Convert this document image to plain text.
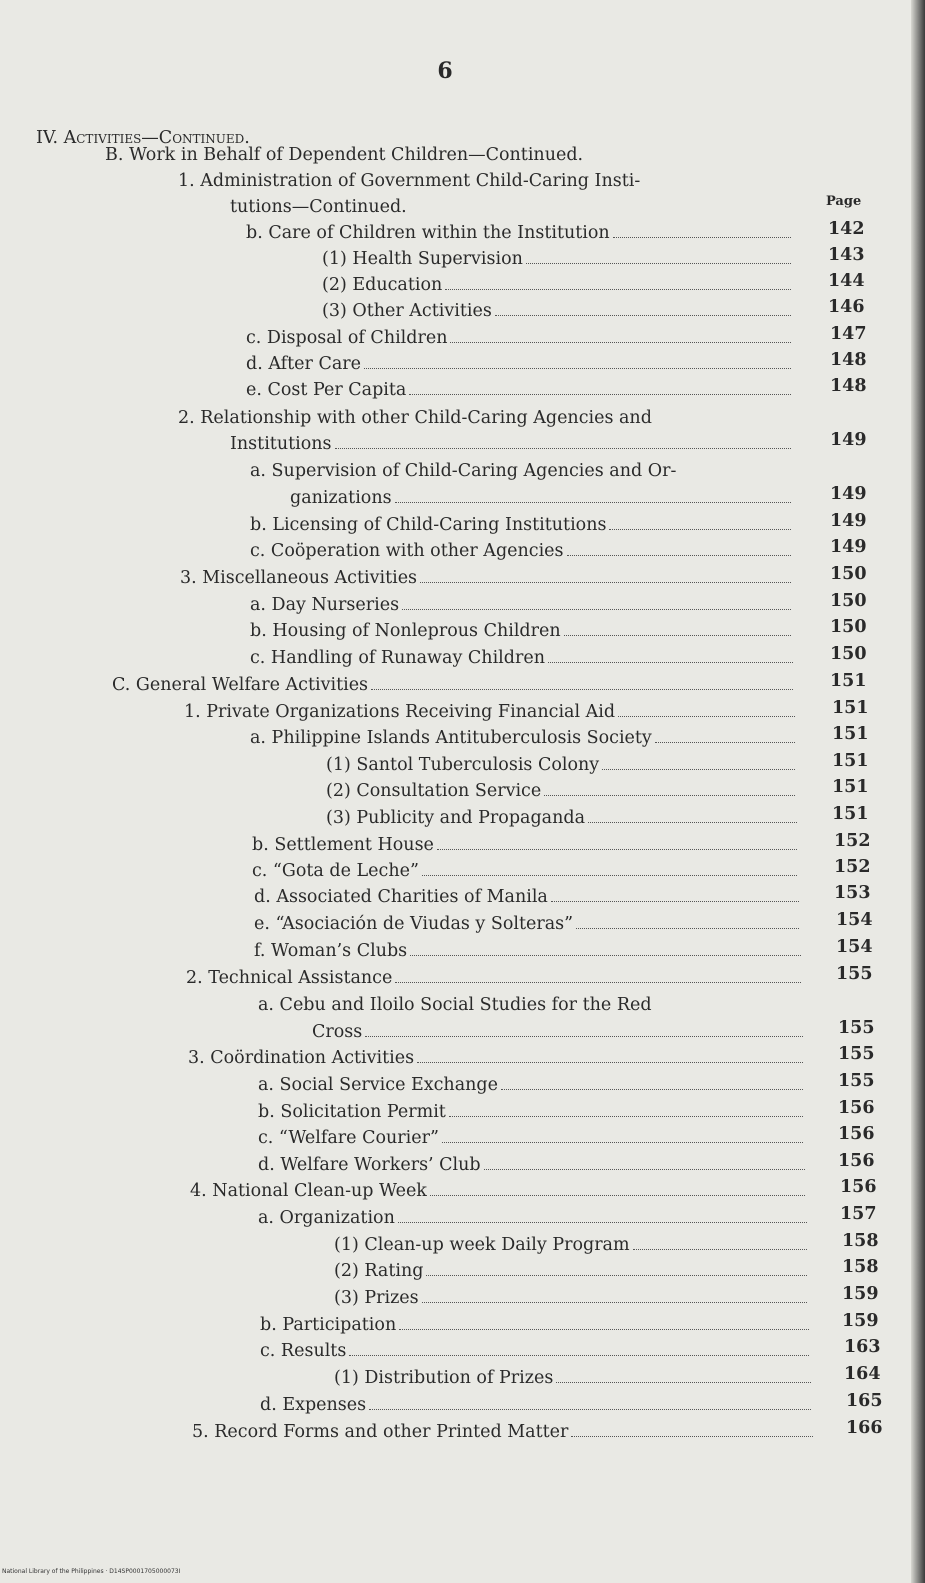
6
Page
IV. Activities—Continued.
B. Work in Behalf of Dependent Children—Continued.
1. Administration of Government Child-Caring Insti-
tutions—Continued.
b. Care of Children within the Institution	142
(1) Health Supervision	143
(2) Education	144
(3) Other Activities	146
c. Disposal of Children	147
d. After Care	148
e. Cost Per Capita	148
2. Relationship with other Child-Caring Agencies and
Institutions	149
a. Supervision of Child-Caring Agencies and Or-
ganizations	149
b. Licensing of Child-Caring Institutions	149
c. Coöperation with other Agencies	149
3. Miscellaneous Activities	150
a. Day Nurseries	150
b. Housing of Nonleprous Children	150
c. Handling of Runaway Children	150
C. General Welfare Activities	151
1. Private Organizations Receiving Financial Aid	151
a. Philippine Islands Antituberculosis Society	151
(1) Santol Tuberculosis Colony	151
(2) Consultation Service	151
(3) Publicity and Propaganda	151
b. Settlement House	152
c. “Gota de Leche”	152
d. Associated Charities of Manila	153
e. “Asociación de Viudas y Solteras”	154
f. Woman’s Clubs	154
2. Technical Assistance	155
a. Cebu and Iloilo Social Studies for the Red
Cross	155
3. Coördination Activities	155
a. Social Service Exchange	155
b. Solicitation Permit	156
c. “Welfare Courier”	156
d. Welfare Workers’ Club	156
4. National Clean-up Week	156
a. Organization	157
(1) Clean-up week Daily Program	158
(2) Rating	158
(3) Prizes	159
b. Participation	159
c. Results	163
(1) Distribution of Prizes	164
d. Expenses	165
5. Record Forms and other Printed Matter	166
National Library of the Philippines · D14SP0001705000073I
